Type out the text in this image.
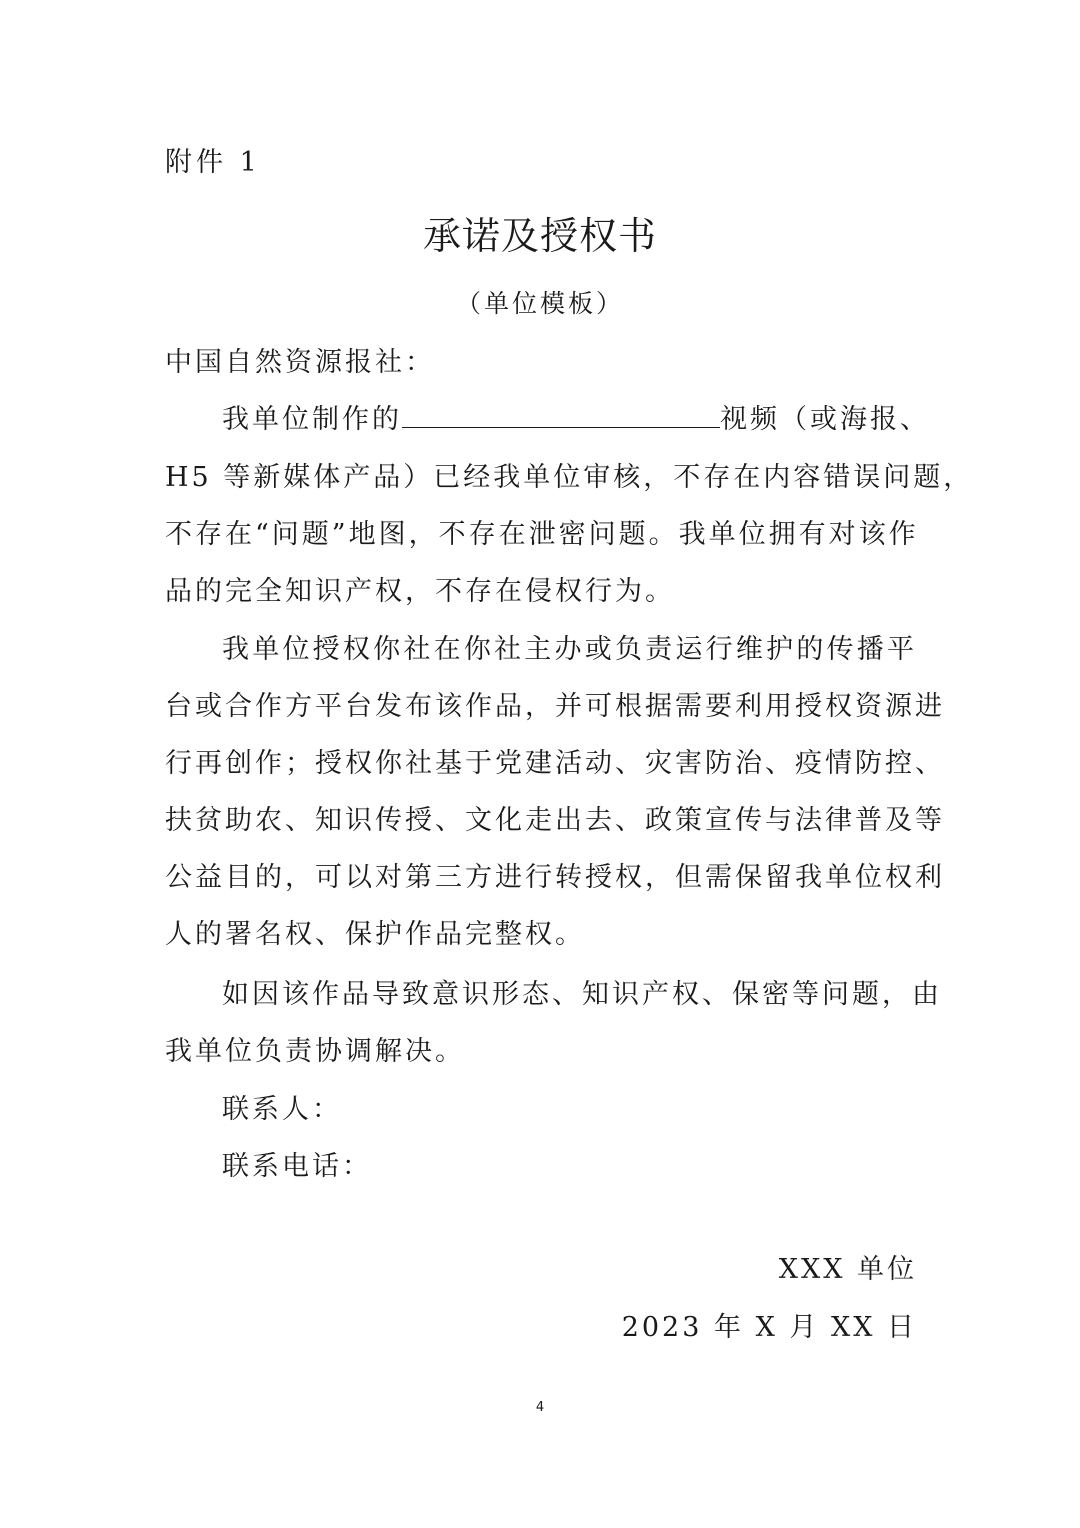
附件 1
承诺及授权书
（单位模板）
中国自然资源报社：
我单位制作的	视频（或海报、
H5 等新媒体产品）已经我单位审核，不存在内容错误问题，
不存在“问题”地图，不存在泄密问题。我单位拥有对该作
品的完全知识产权，不存在侵权行为。
我单位授权你社在你社主办或负责运行维护的传播平
台或合作方平台发布该作品，并可根据需要利用授权资源进
行再创作；授权你社基于党建活动、灾害防治、疫情防控、
扶贫助农、知识传授、文化走出去、政策宣传与法律普及等
公益目的，可以对第三方进行转授权，但需保留我单位权利
人的署名权、保护作品完整权。
如因该作品导致意识形态、知识产权、保密等问题，由
我单位负责协调解决。
联系人：
联系电话：
XXX 单位
2023 年 X 月 XX 日
4
